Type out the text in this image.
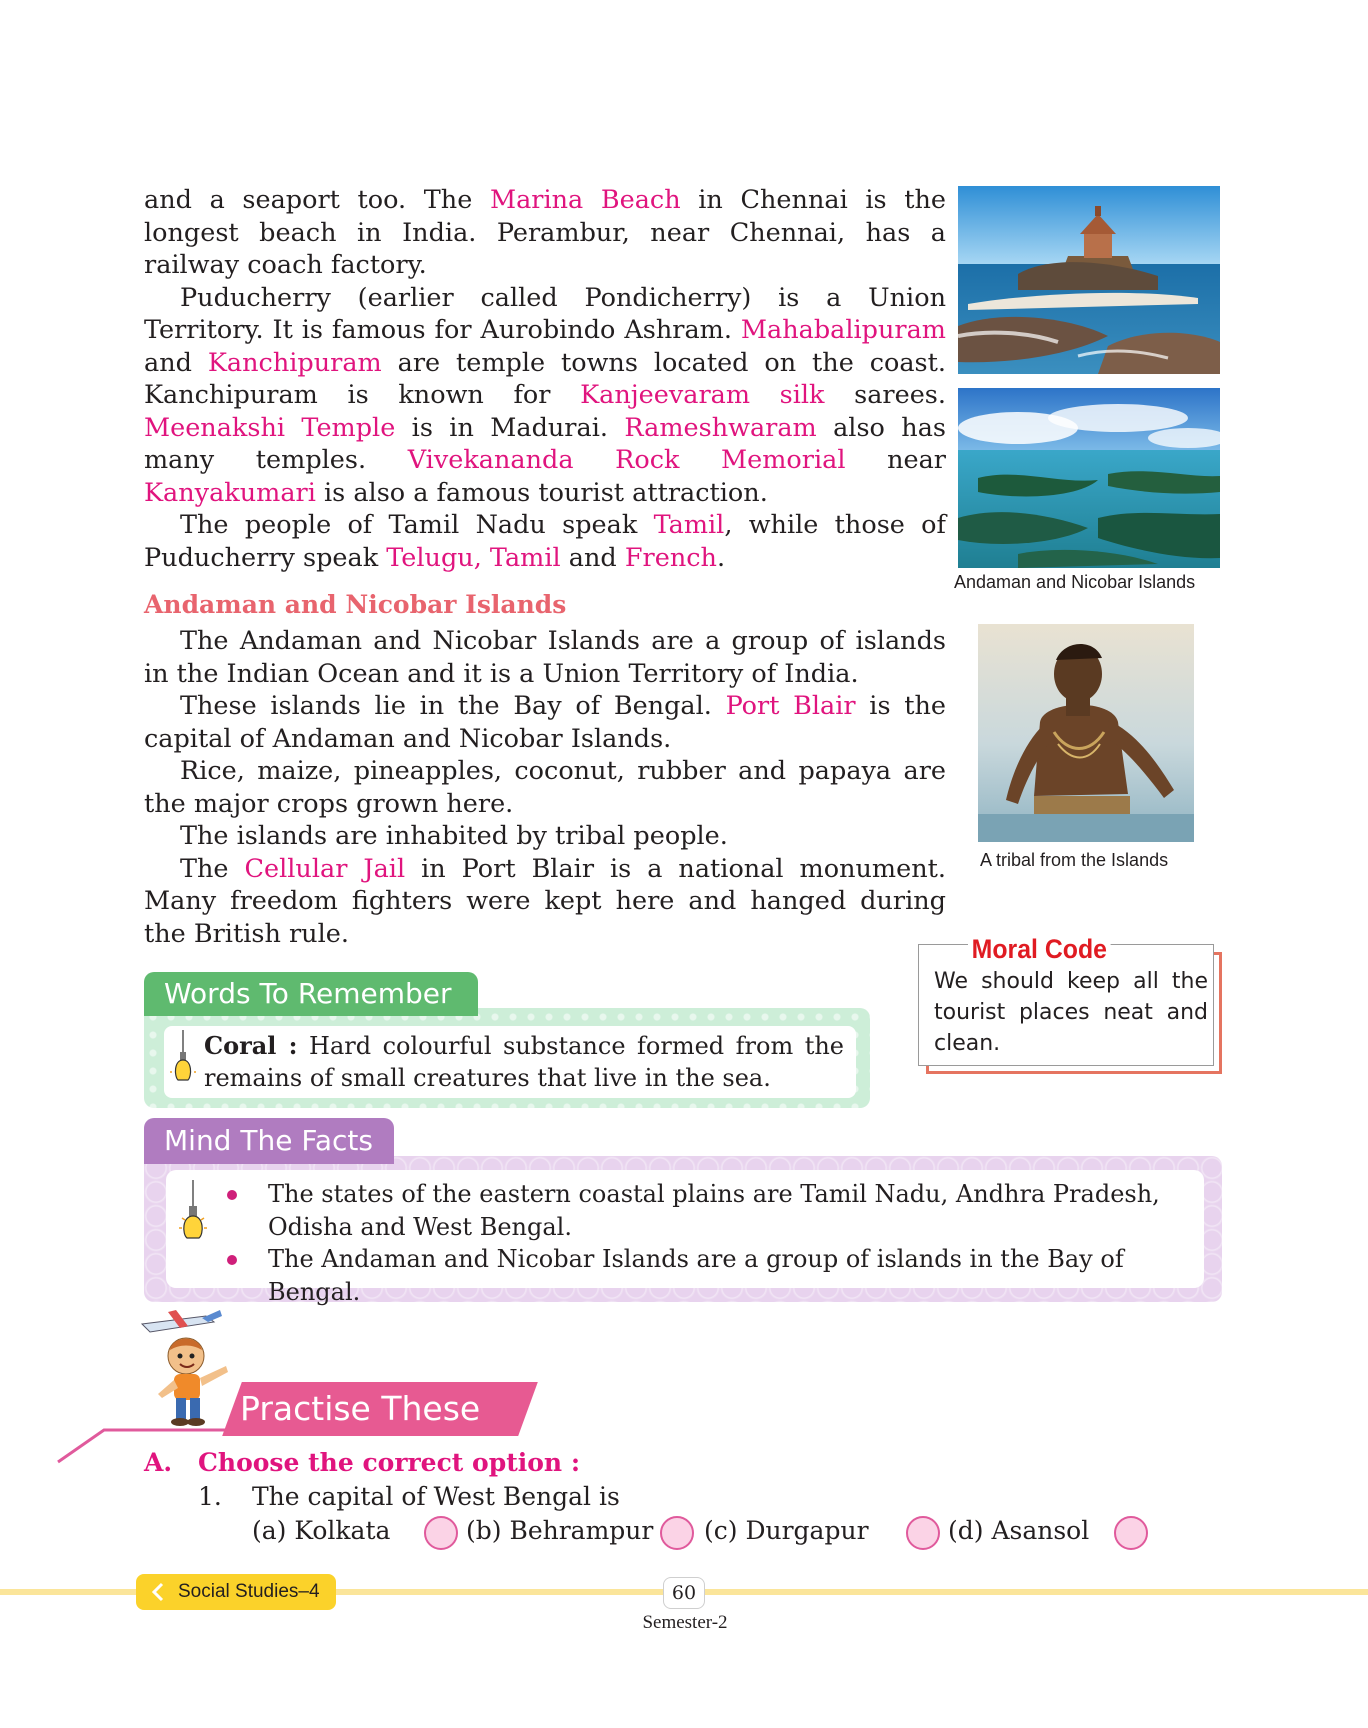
and a seaport too. The Marina Beach in Chennai is the longest beach in India. Perambur, near Chennai, has a railway coach factory.

Puducherry (earlier called Pondicherry) is a Union Territory. It is famous for Aurobindo Ashram. Mahabalipuram and Kanchipuram are temple towns located on the coast. Kanchipuram is known for Kanjeevaram silk sarees. Meenakshi Temple is in Madurai. Rameshwaram also has many temples. Vivekananda Rock Memorial near Kanyakumari is also a famous tourist attraction.

The people of Tamil Nadu speak Tamil, while those of Puducherry speak Telugu, Tamil and French.

Andaman and Nicobar Islands
Andaman and Nicobar Islands

The Andaman and Nicobar Islands are a group of islands in the Indian Ocean and it is a Union Territory of India.

These islands lie in the Bay of Bengal. Port Blair is the capital of Andaman and Nicobar Islands.

Rice, maize, pineapples, coconut, rubber and papaya are the major crops grown here.

The islands are inhabited by tribal people.

The Cellular Jail in Port Blair is a national monument. Many freedom fighters were kept here and hanged during the British rule.

A tribal from the Islands
Moral Code
We should keep all the tourist places neat and clean.
Words To Remember
Coral : Hard colourful substance formed from the remains of small creatures that live in the sea.
Mind The Facts
The states of the eastern coastal plains are Tamil Nadu, Andhra Pradesh, Odisha and West Bengal.
The Andaman and Nicobar Islands are a group of islands in the Bay of Bengal.
Practise These
A. Choose the correct option :
1. The capital of West Bengal is
(a) Kolkata	(b) Behrampur (c) Durgapur	(d) Asansol
Social Studies–4	60
Semester-2
